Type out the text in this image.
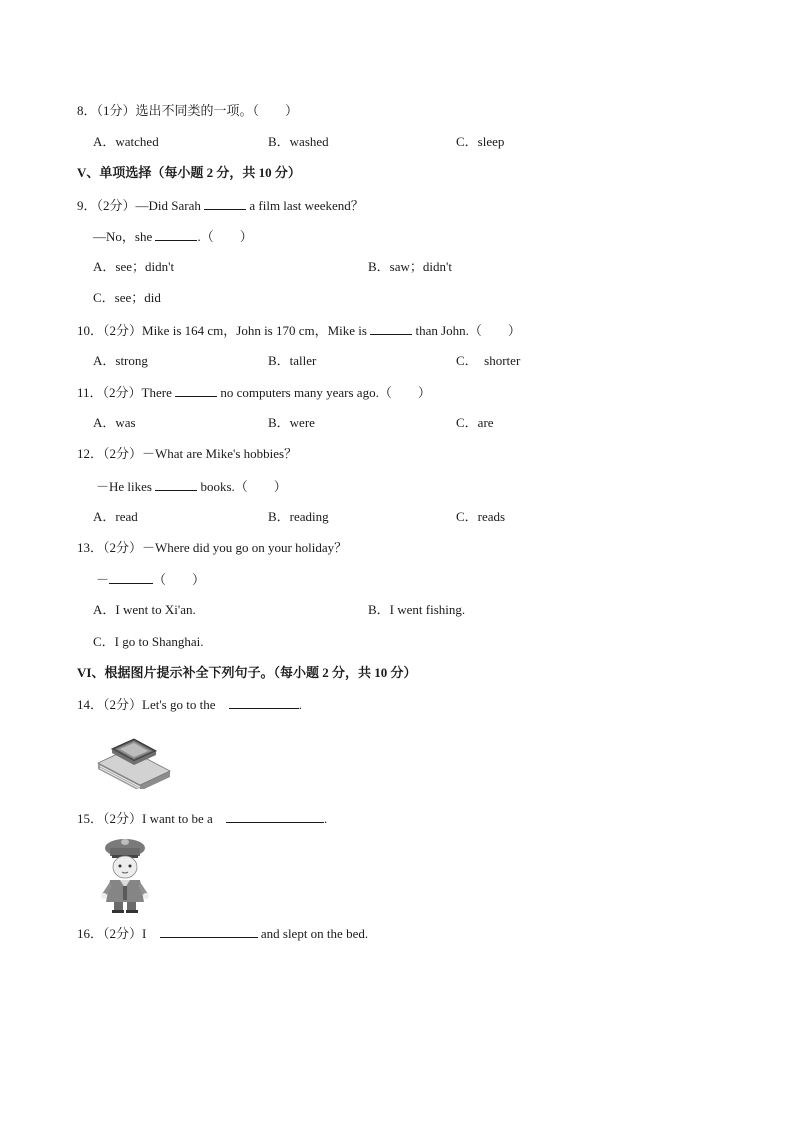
8．（1分）选出不同类的一项。（　　）
A．watched	B．washed	C．sleep
V、单项选择（每小题 2 分，共 10 分）
9．（2分）—Did Sarah	a film last weekend？
—No，she	.（　　）
A．see；didn't	B．saw；didn't
C．see；did
10．（2分）Mike is 164 cm，John is 170 cm，Mike is	than John.（　　）
A．strong	B．taller	C．　shorter
11．（2分）There	no computers many years ago.（　　）
A．was	B．were	C．are
12．（2分）－What are Mike's hobbies？
－He likes	books.（　　）
A．read	B．reading	C．reads
13．（2分）－Where did you go on your holiday？
－	（　　）
A．I went to Xi'an.	B．I went fishing.
C．I go to Shanghai.
VI、根据图片提示补全下列句子。（每小题 2 分，共 10 分）
14．（2分）Let's go to the	.
15．（2分）I want to be a	.
16．（2分）I	and slept on the bed.
